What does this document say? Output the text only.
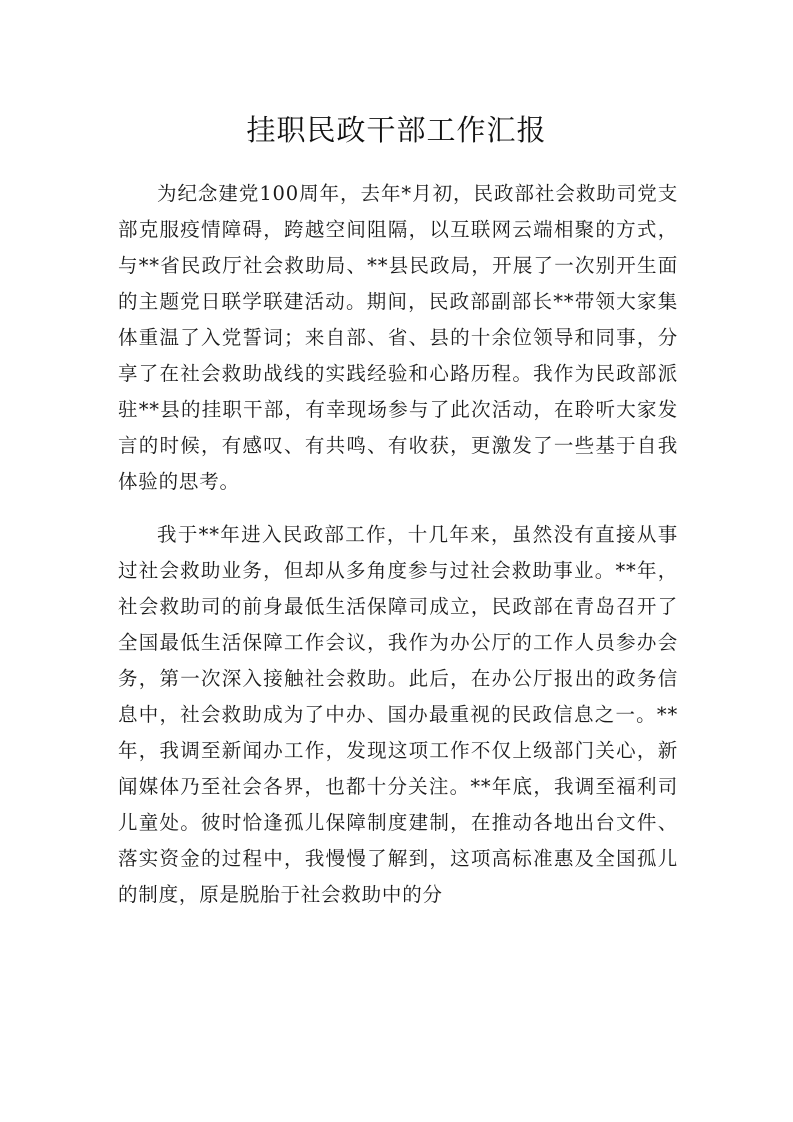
挂职民政干部工作汇报

为纪念建党100周年，去年*月初，民政部社会救助司党支部克服疫情障碍，跨越空间阻隔，以互联网云端相聚的方式，与**省民政厅社会救助局、**县民政局，开展了一次别开生面的主题党日联学联建活动。期间，民政部副部长**带领大家集体重温了入党誓词；来自部、省、县的十余位领导和同事，分享了在社会救助战线的实践经验和心路历程。我作为民政部派驻**县的挂职干部，有幸现场参与了此次活动，在聆听大家发言的时候，有感叹、有共鸣、有收获，更激发了一些基于自我体验的思考。

我于**年进入民政部工作，十几年来，虽然没有直接从事过社会救助业务，但却从多角度参与过社会救助事业。**年，社会救助司的前身最低生活保障司成立，民政部在青岛召开了全国最低生活保障工作会议，我作为办公厅的工作人员参办会务，第一次深入接触社会救助。此后，在办公厅报出的政务信息中，社会救助成为了中办、国办最重视的民政信息之一。**年，我调至新闻办工作，发现这项工作不仅上级部门关心，新闻媒体乃至社会各界，也都十分关注。**年底，我调至福利司儿童处。彼时恰逢孤儿保障制度建制，在推动各地出台文件、落实资金的过程中，我慢慢了解到，这项高标准惠及全国孤儿的制度，原是脱胎于社会救助中的分
